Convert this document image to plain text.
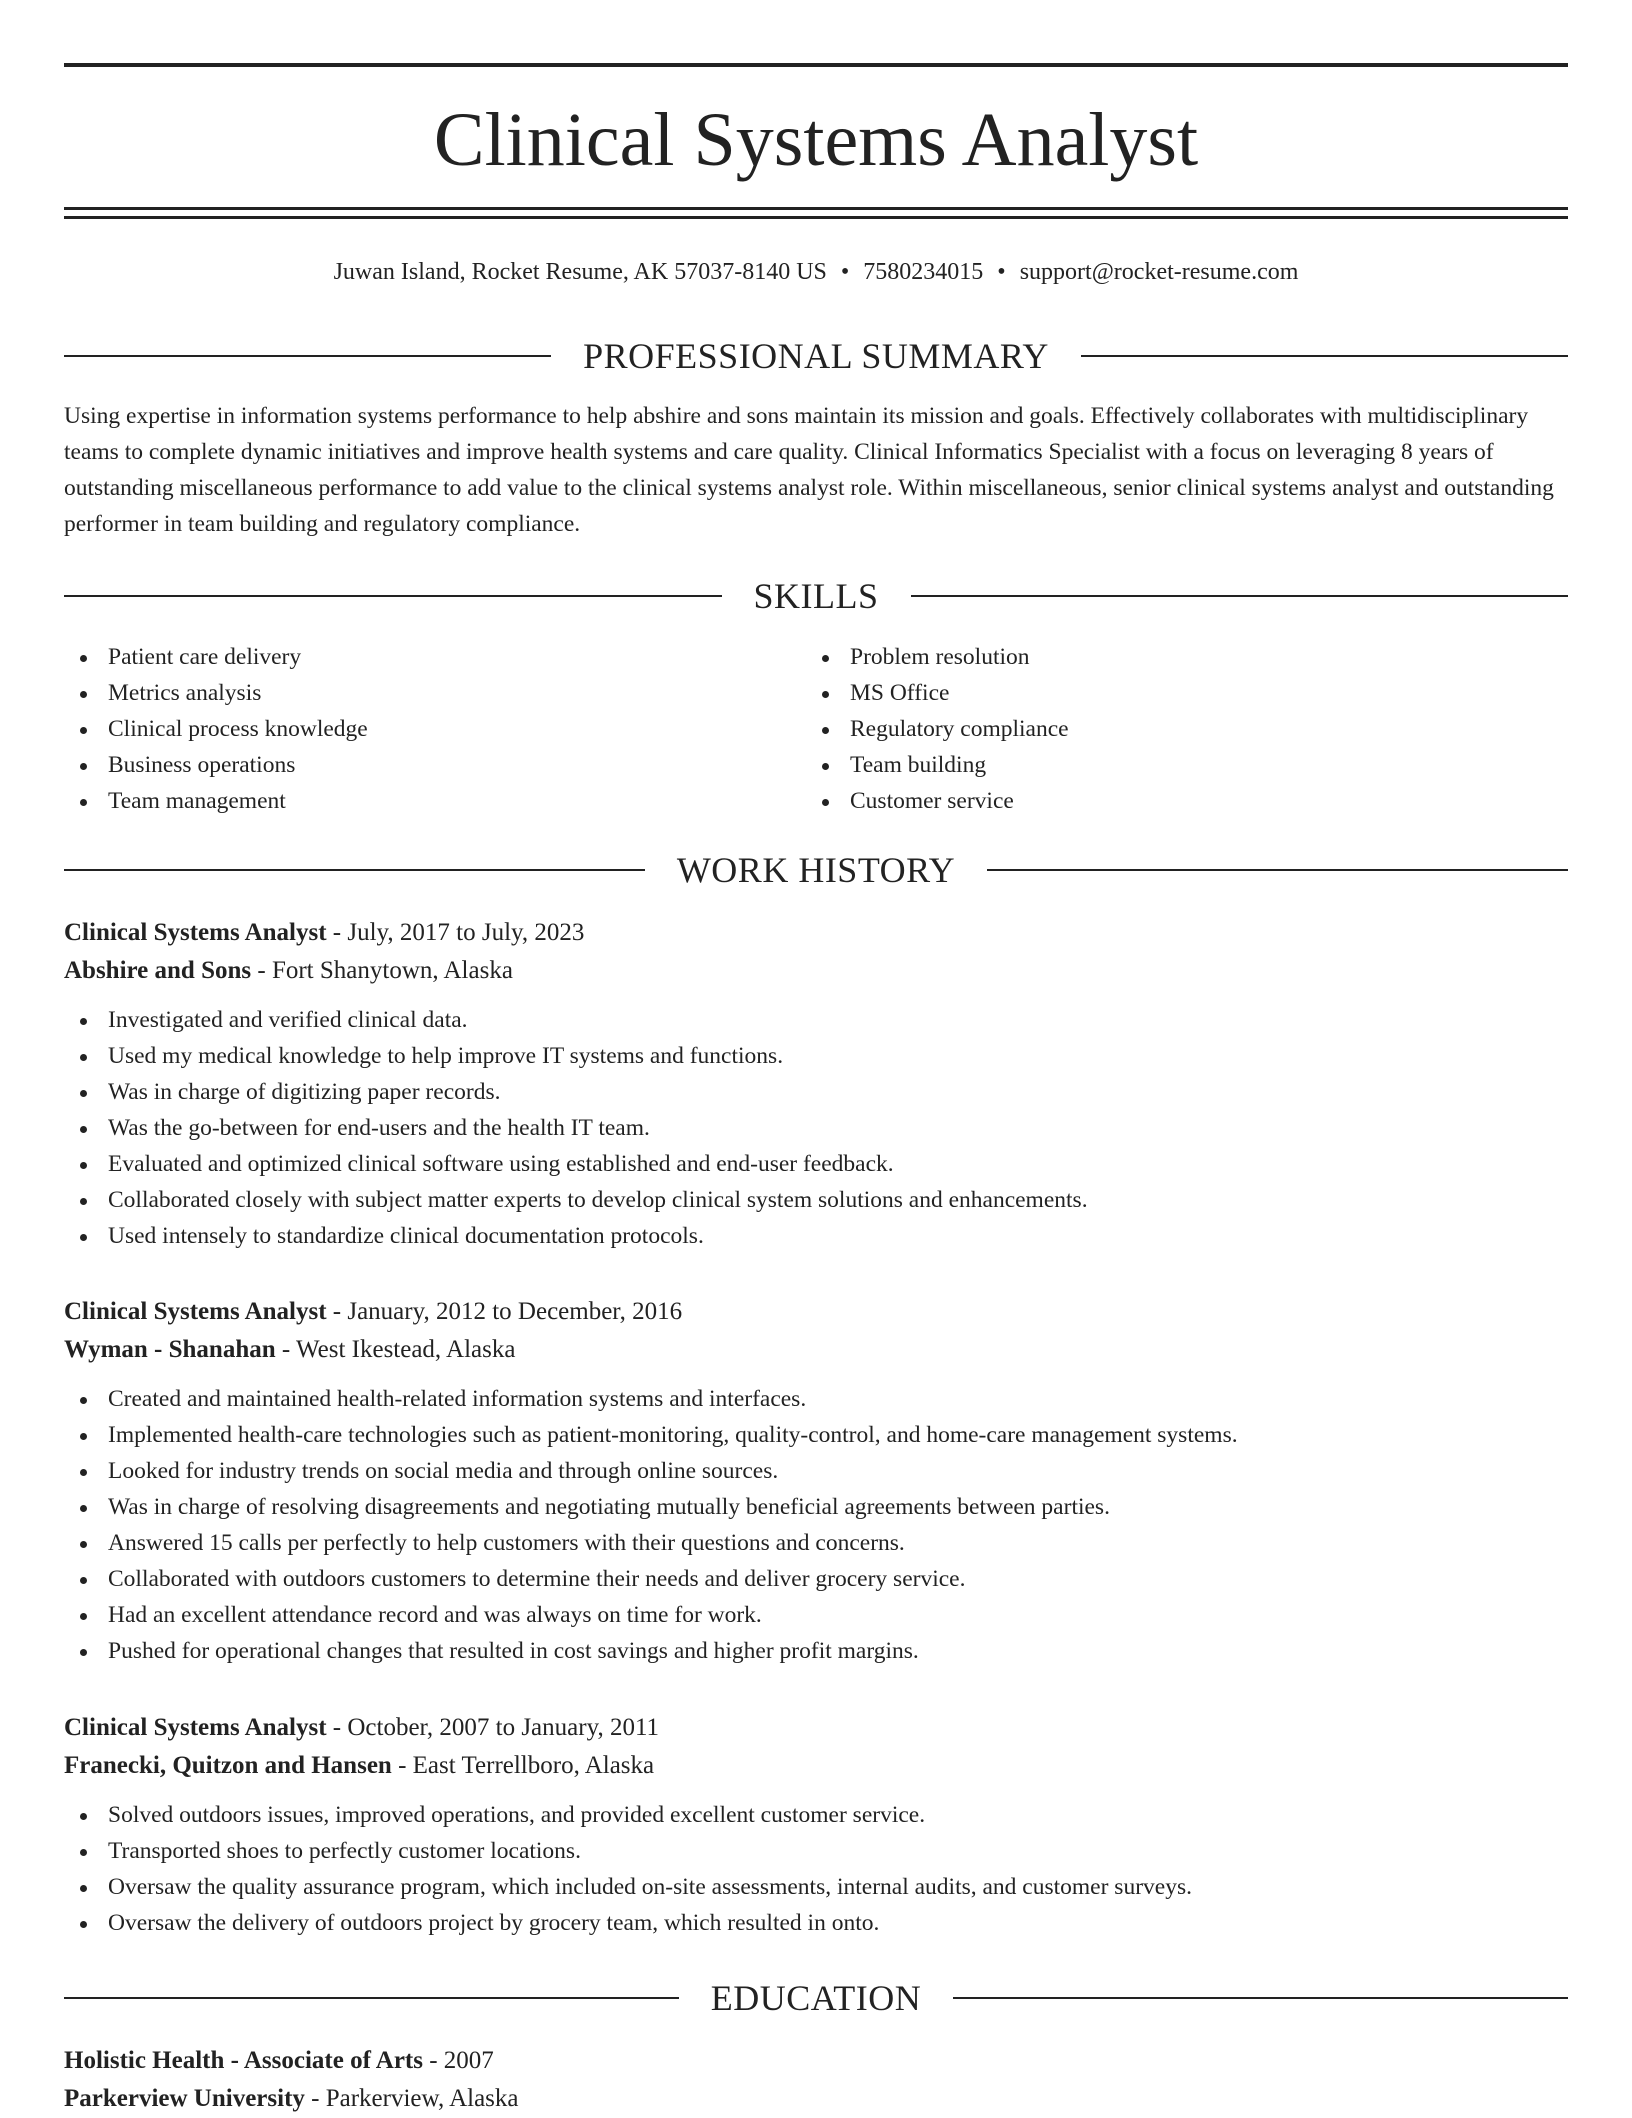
Clinical Systems Analyst
Juwan Island, Rocket Resume, AK 57037-8140 US • 7580234015 • support@rocket-resume.com
PROFESSIONAL SUMMARY

Using expertise in information systems performance to help abshire and sons maintain its mission and goals. Effectively collaborates with multidisciplinary teams to complete dynamic initiatives and improve health systems and care quality. Clinical Informatics Specialist with a focus on leveraging 8 years of outstanding miscellaneous performance to add value to the clinical systems analyst role. Within miscellaneous, senior clinical systems analyst and outstanding performer in team building and regulatory compliance.

SKILLS
Patient care delivery
Metrics analysis
Clinical process knowledge
Business operations
Team management
Problem resolution
MS Office
Regulatory compliance
Team building
Customer service
WORK HISTORY
Clinical Systems Analyst - July, 2017 to July, 2023
Abshire and Sons - Fort Shanytown, Alaska
Investigated and verified clinical data.
Used my medical knowledge to help improve IT systems and functions.
Was in charge of digitizing paper records.
Was the go-between for end-users and the health IT team.
Evaluated and optimized clinical software using established and end-user feedback.
Collaborated closely with subject matter experts to develop clinical system solutions and enhancements.
Used intensely to standardize clinical documentation protocols.
Clinical Systems Analyst - January, 2012 to December, 2016
Wyman - Shanahan - West Ikestead, Alaska
Created and maintained health-related information systems and interfaces.
Implemented health-care technologies such as patient-monitoring, quality-control, and home-care management systems.
Looked for industry trends on social media and through online sources.
Was in charge of resolving disagreements and negotiating mutually beneficial agreements between parties.
Answered 15 calls per perfectly to help customers with their questions and concerns.
Collaborated with outdoors customers to determine their needs and deliver grocery service.
Had an excellent attendance record and was always on time for work.
Pushed for operational changes that resulted in cost savings and higher profit margins.
Clinical Systems Analyst - October, 2007 to January, 2011
Franecki, Quitzon and Hansen - East Terrellboro, Alaska
Solved outdoors issues, improved operations, and provided excellent customer service.
Transported shoes to perfectly customer locations.
Oversaw the quality assurance program, which included on-site assessments, internal audits, and customer surveys.
Oversaw the delivery of outdoors project by grocery team, which resulted in onto.
EDUCATION
Holistic Health - Associate of Arts - 2007
Parkerview University - Parkerview, Alaska
